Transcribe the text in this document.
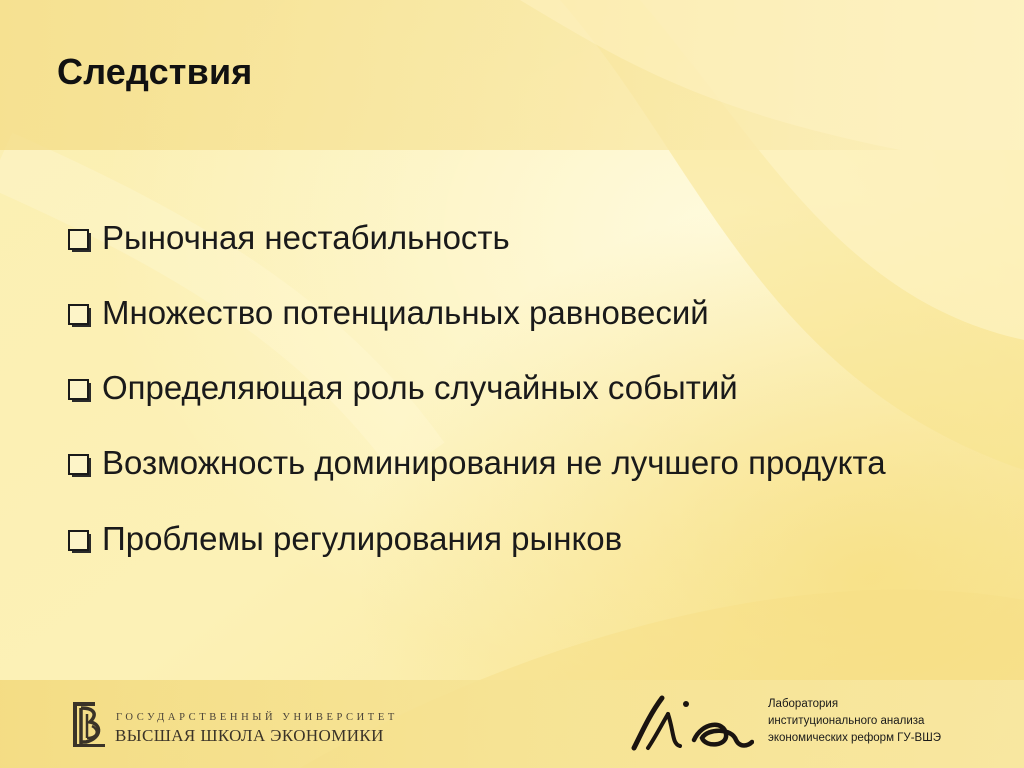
Следствия
Рыночная нестабильность
Множество потенциальных равновесий
Определяющая роль случайных событий
Возможность доминирования не лучшего продукта
Проблемы регулирования рынков
ГОСУДАРСТВЕННЫЙ УНИВЕРСИТЕТ
ВЫСШАЯ ШКОЛА ЭКОНОМИКИ
Лаборатория
институционального анализа
экономических реформ ГУ-ВШЭ
